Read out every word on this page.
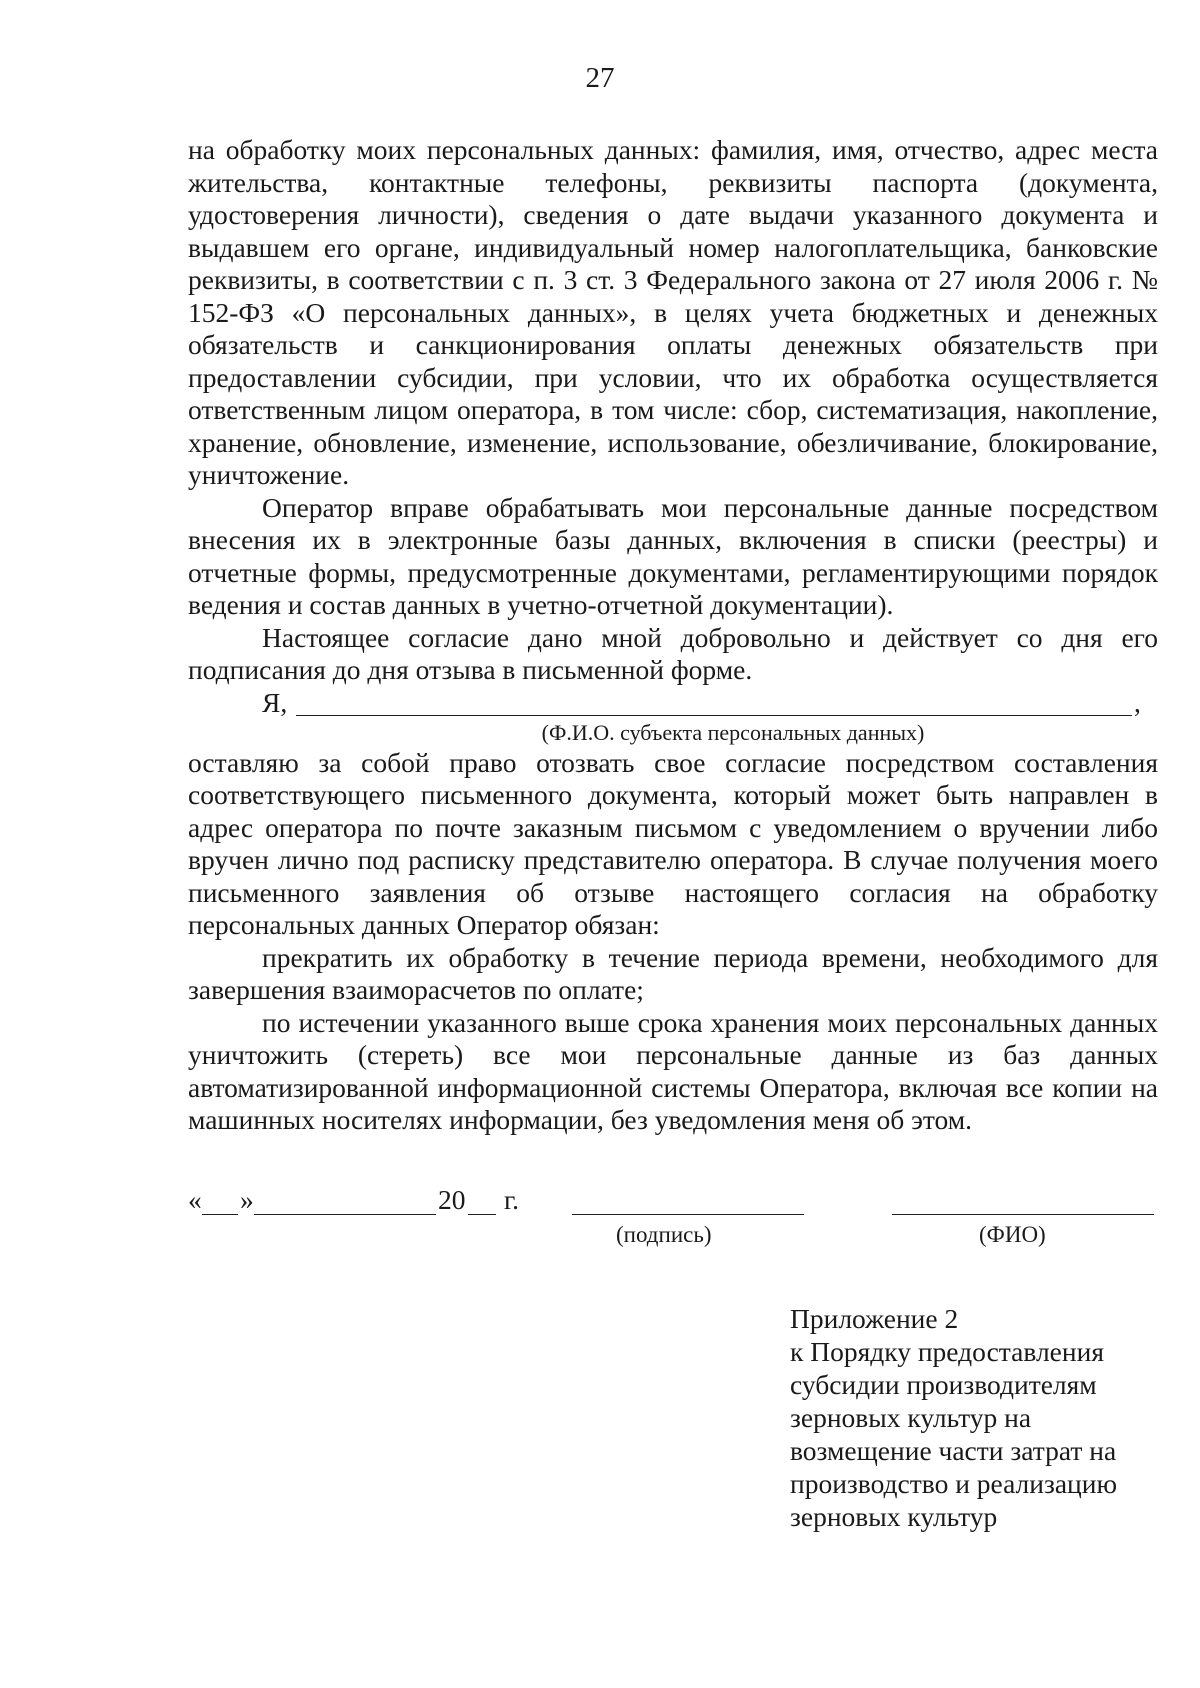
27

на обработку моих персональных данных: фамилия, имя, отчество, адрес места жительства, контактные телефоны, реквизиты паспорта (документа, удостоверения личности), сведения о дате выдачи указанного документа и выдавшем его органе, индивидуальный номер налогоплательщика, банковские реквизиты, в соответствии с п. 3 ст. 3 Федерального закона от 27 июля 2006 г. № 152-ФЗ «О персональных данных», в целях учета бюджетных и денежных обязательств и санкционирования оплаты денежных обязательств при предоставлении субсидии, при условии, что их обработка осуществляется ответственным лицом оператора, в том числе: сбор, систематизация, накопление, хранение, обновление, изменение, использование, обезличивание, блокирование, уничтожение.

Оператор вправе обрабатывать мои персональные данные посредством внесения их в электронные базы данных, включения в списки (реестры) и отчетные формы, предусмотренные документами, регламентирующими порядок ведения и состав данных в учетно-отчетной документации).

Настоящее согласие дано мной добровольно и действует со дня его подписания до дня отзыва в письменной форме.

Я,	,
(Ф.И.О. субъекта персональных данных)

оставляю за собой право отозвать свое согласие посредством составления соответствующего письменного документа, который может быть направлен в адрес оператора по почте заказным письмом с уведомлением о вручении либо вручен лично под расписку представителю оператора. В случае получения моего письменного заявления об отзыве настоящего согласия на обработку персональных данных Оператор обязан:

прекратить их обработку в течение периода времени, необходимого для завершения взаиморасчетов по оплате;

по истечении указанного выше срока хранения моих персональных данных уничтожить (стереть) все мои персональные данные из баз данных автоматизированной информационной системы Оператора, включая все копии на машинных носителях информации, без уведомления меня об этом.

« »	20 г.
(подпись)	(ФИО)
Приложение 2
к Порядку предоставления
субсидии производителям
зерновых культур на
возмещение части затрат на
производство и реализацию
зерновых культур
